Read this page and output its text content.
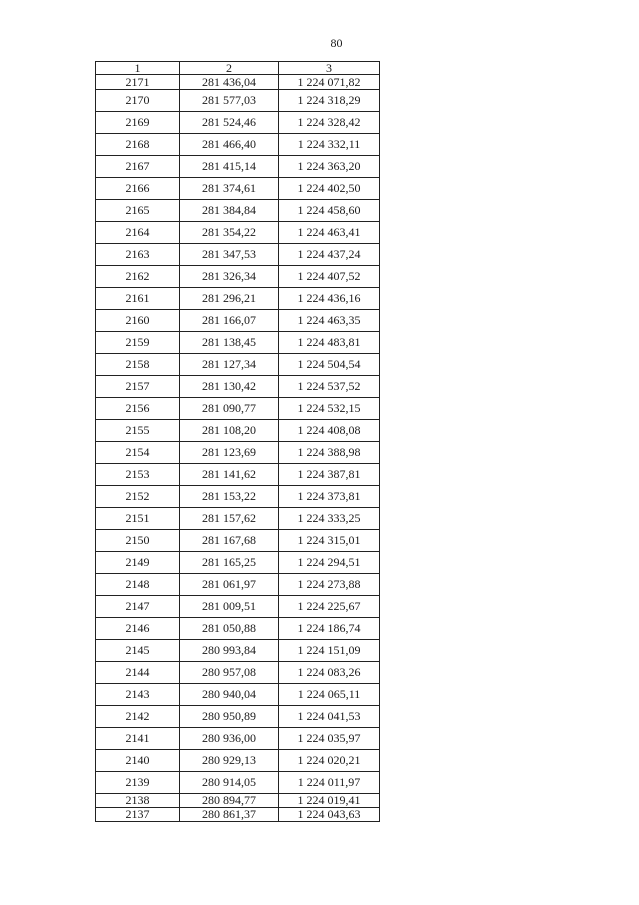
80
1	2	3
2171	281 436,04	1 224 071,82
2170	281 577,03	1 224 318,29
2169	281 524,46	1 224 328,42
2168	281 466,40	1 224 332,11
2167	281 415,14	1 224 363,20
2166	281 374,61	1 224 402,50
2165	281 384,84	1 224 458,60
2164	281 354,22	1 224 463,41
2163	281 347,53	1 224 437,24
2162	281 326,34	1 224 407,52
2161	281 296,21	1 224 436,16
2160	281 166,07	1 224 463,35
2159	281 138,45	1 224 483,81
2158	281 127,34	1 224 504,54
2157	281 130,42	1 224 537,52
2156	281 090,77	1 224 532,15
2155	281 108,20	1 224 408,08
2154	281 123,69	1 224 388,98
2153	281 141,62	1 224 387,81
2152	281 153,22	1 224 373,81
2151	281 157,62	1 224 333,25
2150	281 167,68	1 224 315,01
2149	281 165,25	1 224 294,51
2148	281 061,97	1 224 273,88
2147	281 009,51	1 224 225,67
2146	281 050,88	1 224 186,74
2145	280 993,84	1 224 151,09
2144	280 957,08	1 224 083,26
2143	280 940,04	1 224 065,11
2142	280 950,89	1 224 041,53
2141	280 936,00	1 224 035,97
2140	280 929,13	1 224 020,21
2139	280 914,05	1 224 011,97
2138	280 894,77	1 224 019,41
2137	280 861,37	1 224 043,63
